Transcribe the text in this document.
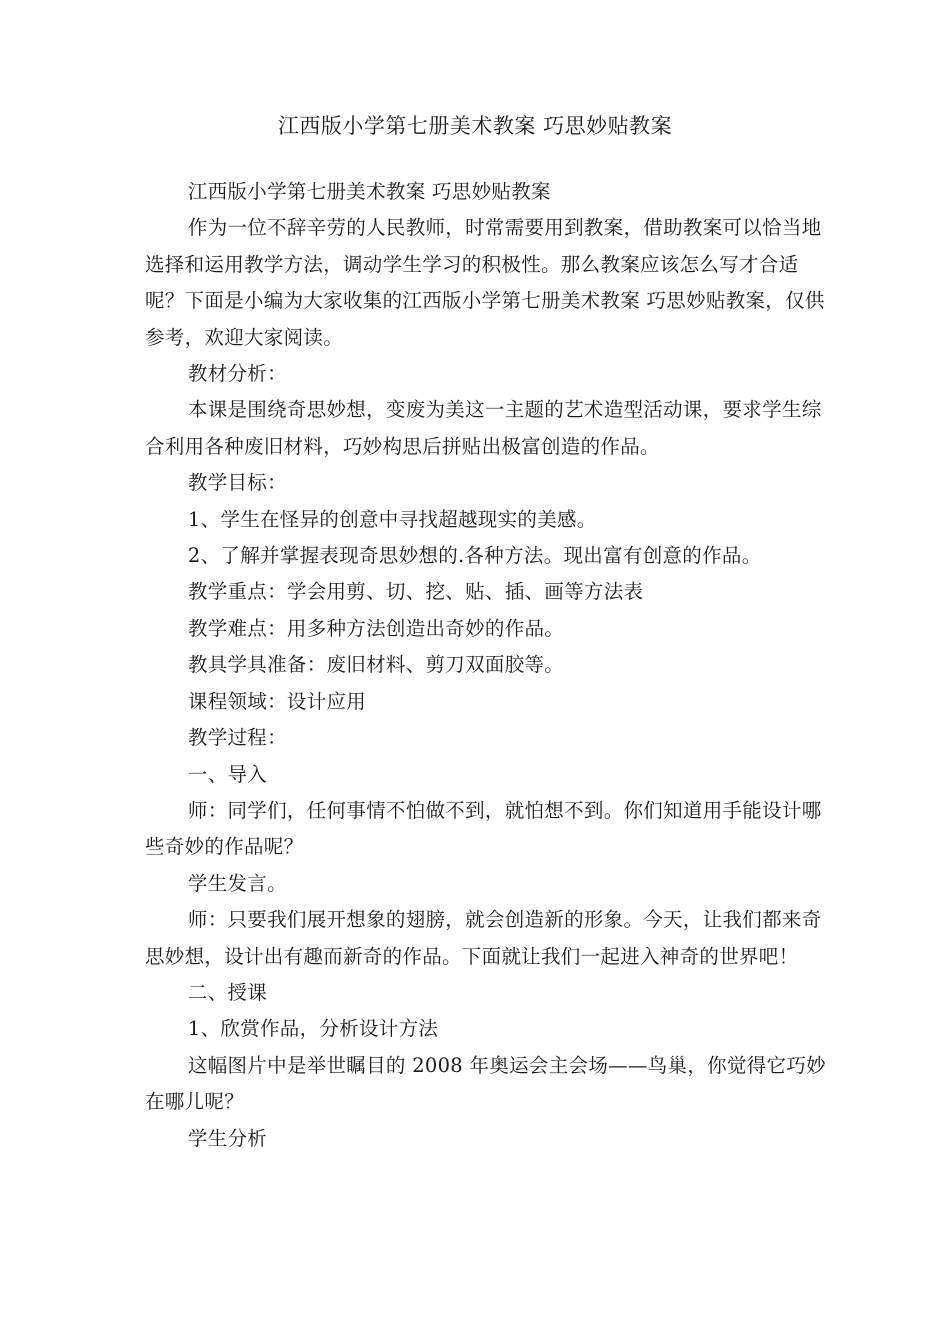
江西版小学第七册美术教案 巧思妙贴教案

江西版小学第七册美术教案 巧思妙贴教案

作为一位不辞辛劳的人民教师，时常需要用到教案，借助教案可以恰当地选择和运用教学方法，调动学生学习的积极性。那么教案应该怎么写才合适呢？下面是小编为大家收集的江西版小学第七册美术教案 巧思妙贴教案，仅供参考，欢迎大家阅读。

教材分析：

本课是围绕奇思妙想，变废为美这一主题的艺术造型活动课，要求学生综合利用各种废旧材料，巧妙构思后拼贴出极富创造的作品。

教学目标：

1、学生在怪异的创意中寻找超越现实的美感。

2、了解并掌握表现奇思妙想的.各种方法。现出富有创意的作品。

教学重点：学会用剪、切、挖、贴、插、画等方法表

教学难点：用多种方法创造出奇妙的作品。

教具学具准备：废旧材料、剪刀双面胶等。

课程领域：设计应用

教学过程：

一、导入

师：同学们，任何事情不怕做不到，就怕想不到。你们知道用手能设计哪些奇妙的作品呢？

学生发言。

师：只要我们展开想象的翅膀，就会创造新的形象。今天，让我们都来奇思妙想，设计出有趣而新奇的作品。下面就让我们一起进入神奇的世界吧！

二、授课

1、欣赏作品，分析设计方法

这幅图片中是举世瞩目的 2008 年奥运会主会场——鸟巢，你觉得它巧妙在哪儿呢？

学生分析
